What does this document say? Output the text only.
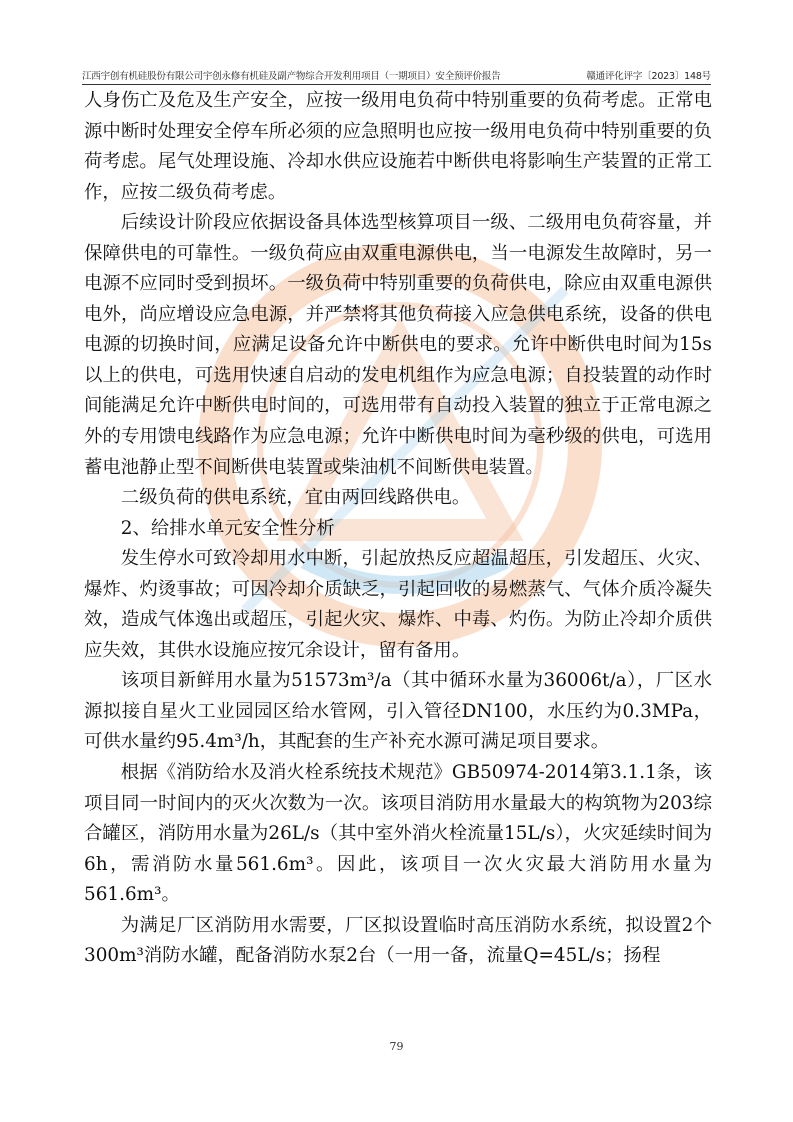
江西宇创有机硅股份有限公司宇创永修有机硅及副产物综合开发利用项目（一期项目）安全预评价报告	赣通评化评字〔2023〕148号

人身伤亡及危及生产安全，应按一级用电负荷中特别重要的负荷考虑。正常电源中断时处理安全停车所必须的应急照明也应按一级用电负荷中特别重要的负荷考虑。尾气处理设施、冷却水供应设施若中断供电将影响生产装置的正常工作，应按二级负荷考虑。

后续设计阶段应依据设备具体选型核算项目一级、二级用电负荷容量，并保障供电的可靠性。一级负荷应由双重电源供电，当一电源发生故障时，另一电源不应同时受到损坏。一级负荷中特别重要的负荷供电，除应由双重电源供电外，尚应增设应急电源，并严禁将其他负荷接入应急供电系统，设备的供电电源的切换时间，应满足设备允许中断供电的要求。允许中断供电时间为15s以上的供电，可选用快速自启动的发电机组作为应急电源；自投装置的动作时间能满足允许中断供电时间的，可选用带有自动投入装置的独立于正常电源之外的专用馈电线路作为应急电源；允许中断供电时间为毫秒级的供电，可选用蓄电池静止型不间断供电装置或柴油机不间断供电装置。

二级负荷的供电系统，宜由两回线路供电。

2、给排水单元安全性分析

发生停水可致冷却用水中断，引起放热反应超温超压，引发超压、火灾、爆炸、灼烫事故；可因冷却介质缺乏，引起回收的易燃蒸气、气体介质冷凝失效，造成气体逸出或超压，引起火灾、爆炸、中毒、灼伤。为防止冷却介质供应失效，其供水设施应按冗余设计，留有备用。

该项目新鲜用水量为51573m³/a（其中循环水量为36006t/a），厂区水源拟接自星火工业园园区给水管网，引入管径DN100，水压约为0.3MPa，可供水量约95.4m³/h，其配套的生产补充水源可满足项目要求。

根据《消防给水及消火栓系统技术规范》GB50974-2014第3.1.1条，该项目同一时间内的灭火次数为一次。该项目消防用水量最大的构筑物为203综合罐区，消防用水量为26L/s（其中室外消火栓流量15L/s），火灾延续时间为6h，需消防水量561.6m³。因此，该项目一次火灾最大消防用水量为561.6m³。

为满足厂区消防用水需要，厂区拟设置临时高压消防水系统，拟设置2个300m³消防水罐，配备消防水泵2台（一用一备，流量Q=45L/s；扬程

79
